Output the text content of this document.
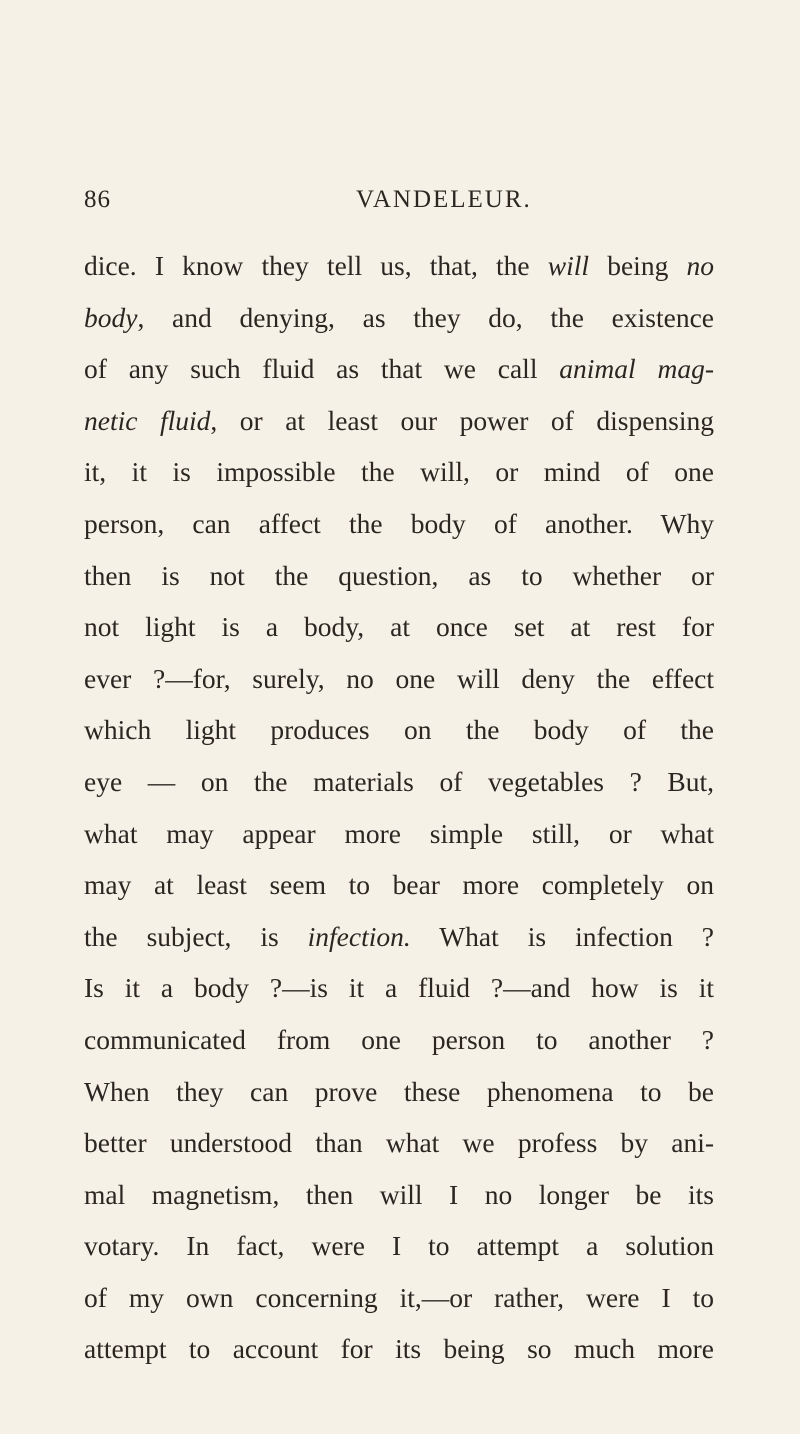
86	VANDELEUR.
dice. I know they tell us, that, the will being no
body, and denying, as they do, the existence
of any such fluid as that we call animal mag-
netic fluid, or at least our power of dispensing
it, it is impossible the will, or mind of one
person, can affect the body of another. Why
then is not the question, as to whether or
not light is a body, at once set at rest for
ever ?—for, surely, no one will deny the effect
which light produces on the body of the
eye — on the materials of vegetables ? But,
what may appear more simple still, or what
may at least seem to bear more completely on
the subject, is infection. What is infection ?
Is it a body ?—is it a fluid ?—and how is it
communicated from one person to another ?
When they can prove these phenomena to be
better understood than what we profess by ani-
mal magnetism, then will I no longer be its
votary. In fact, were I to attempt a solution
of my own concerning it,—or rather, were I to
attempt to account for its being so much more
